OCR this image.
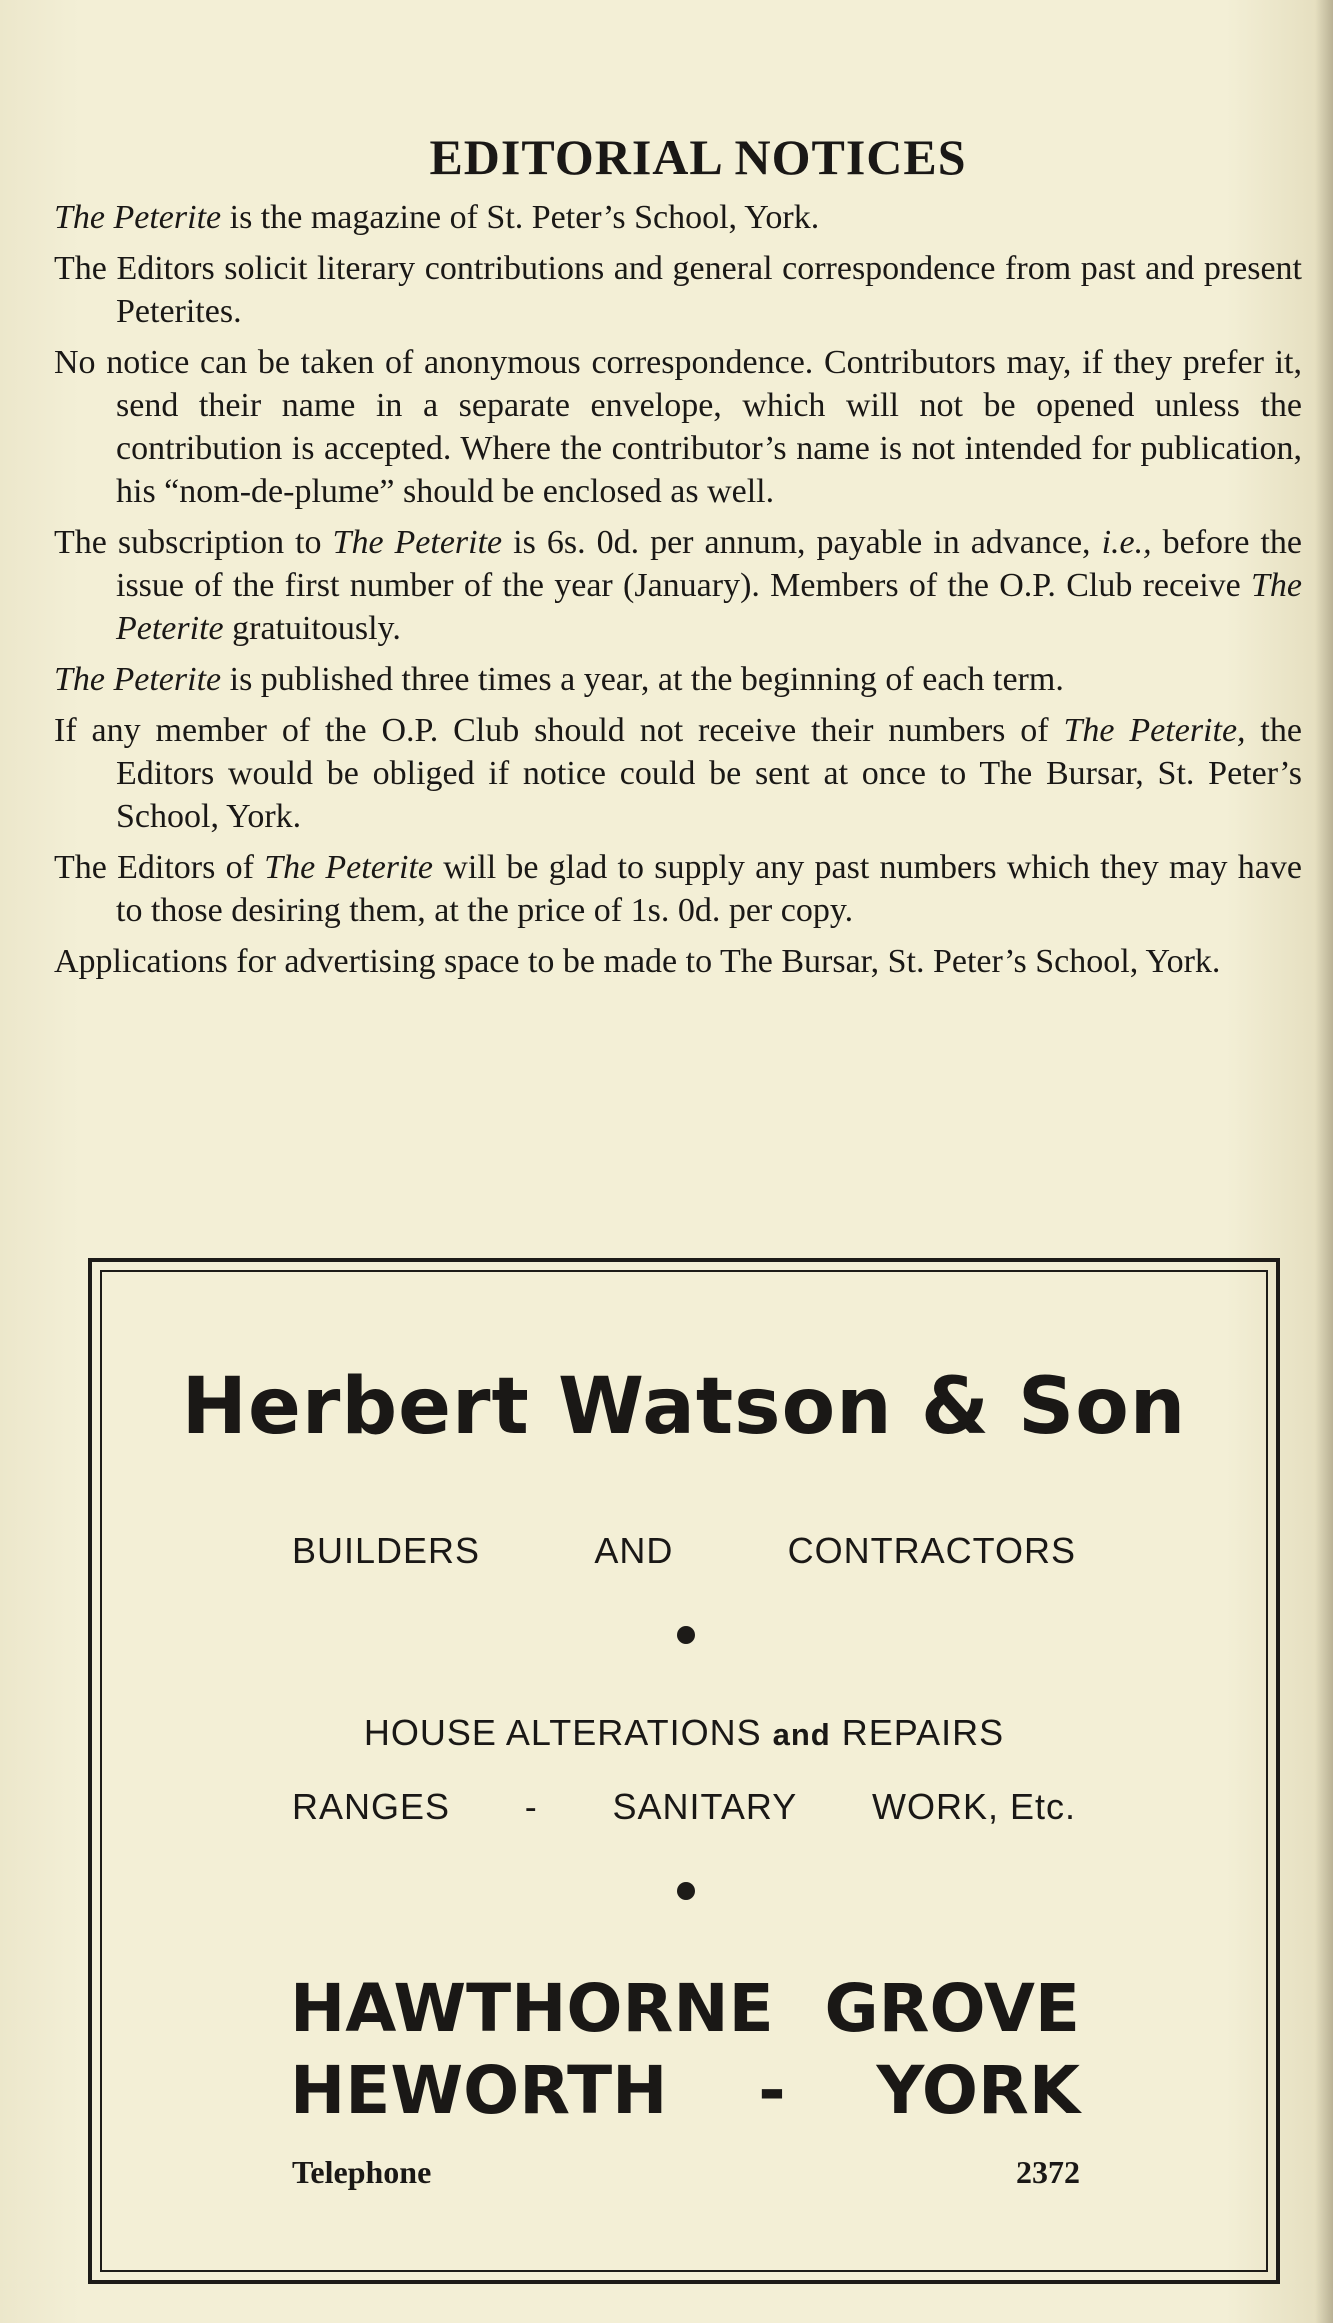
EDITORIAL NOTICES

The Peterite is the magazine of St. Peter’s School, York.

The Editors solicit literary contributions and general correspondence from past and present Peterites.

No notice can be taken of anonymous correspondence. Contributors may, if they prefer it, send their name in a separate envelope, which will not be opened unless the contribution is accepted. Where the contributor’s name is not intended for publication, his “nom-de-plume” should be enclosed as well.

The subscription to The Peterite is 6s. 0d. per annum, payable in advance, i.e., before the issue of the first number of the year (January). Members of the O.P. Club receive The Peterite gratuitously.

The Peterite is published three times a year, at the beginning of each term.

If any member of the O.P. Club should not receive their numbers of The Peterite, the Editors would be obliged if notice could be sent at once to The Bursar, St. Peter’s School, York.

The Editors of The Peterite will be glad to supply any past numbers which they may have to those desiring them, at the price of 1s. 0d. per copy.

Applications for advertising space to be made to The Bursar, St. Peter’s School, York.

Herbert Watson & Son
BUILDERS	AND	CONTRACTORS
HOUSE ALTERATIONS and REPAIRS
RANGES - SANITARY WORK, Etc.
HAWTHORNE GROVE
HEWORTH - YORK
Telephone	2372
